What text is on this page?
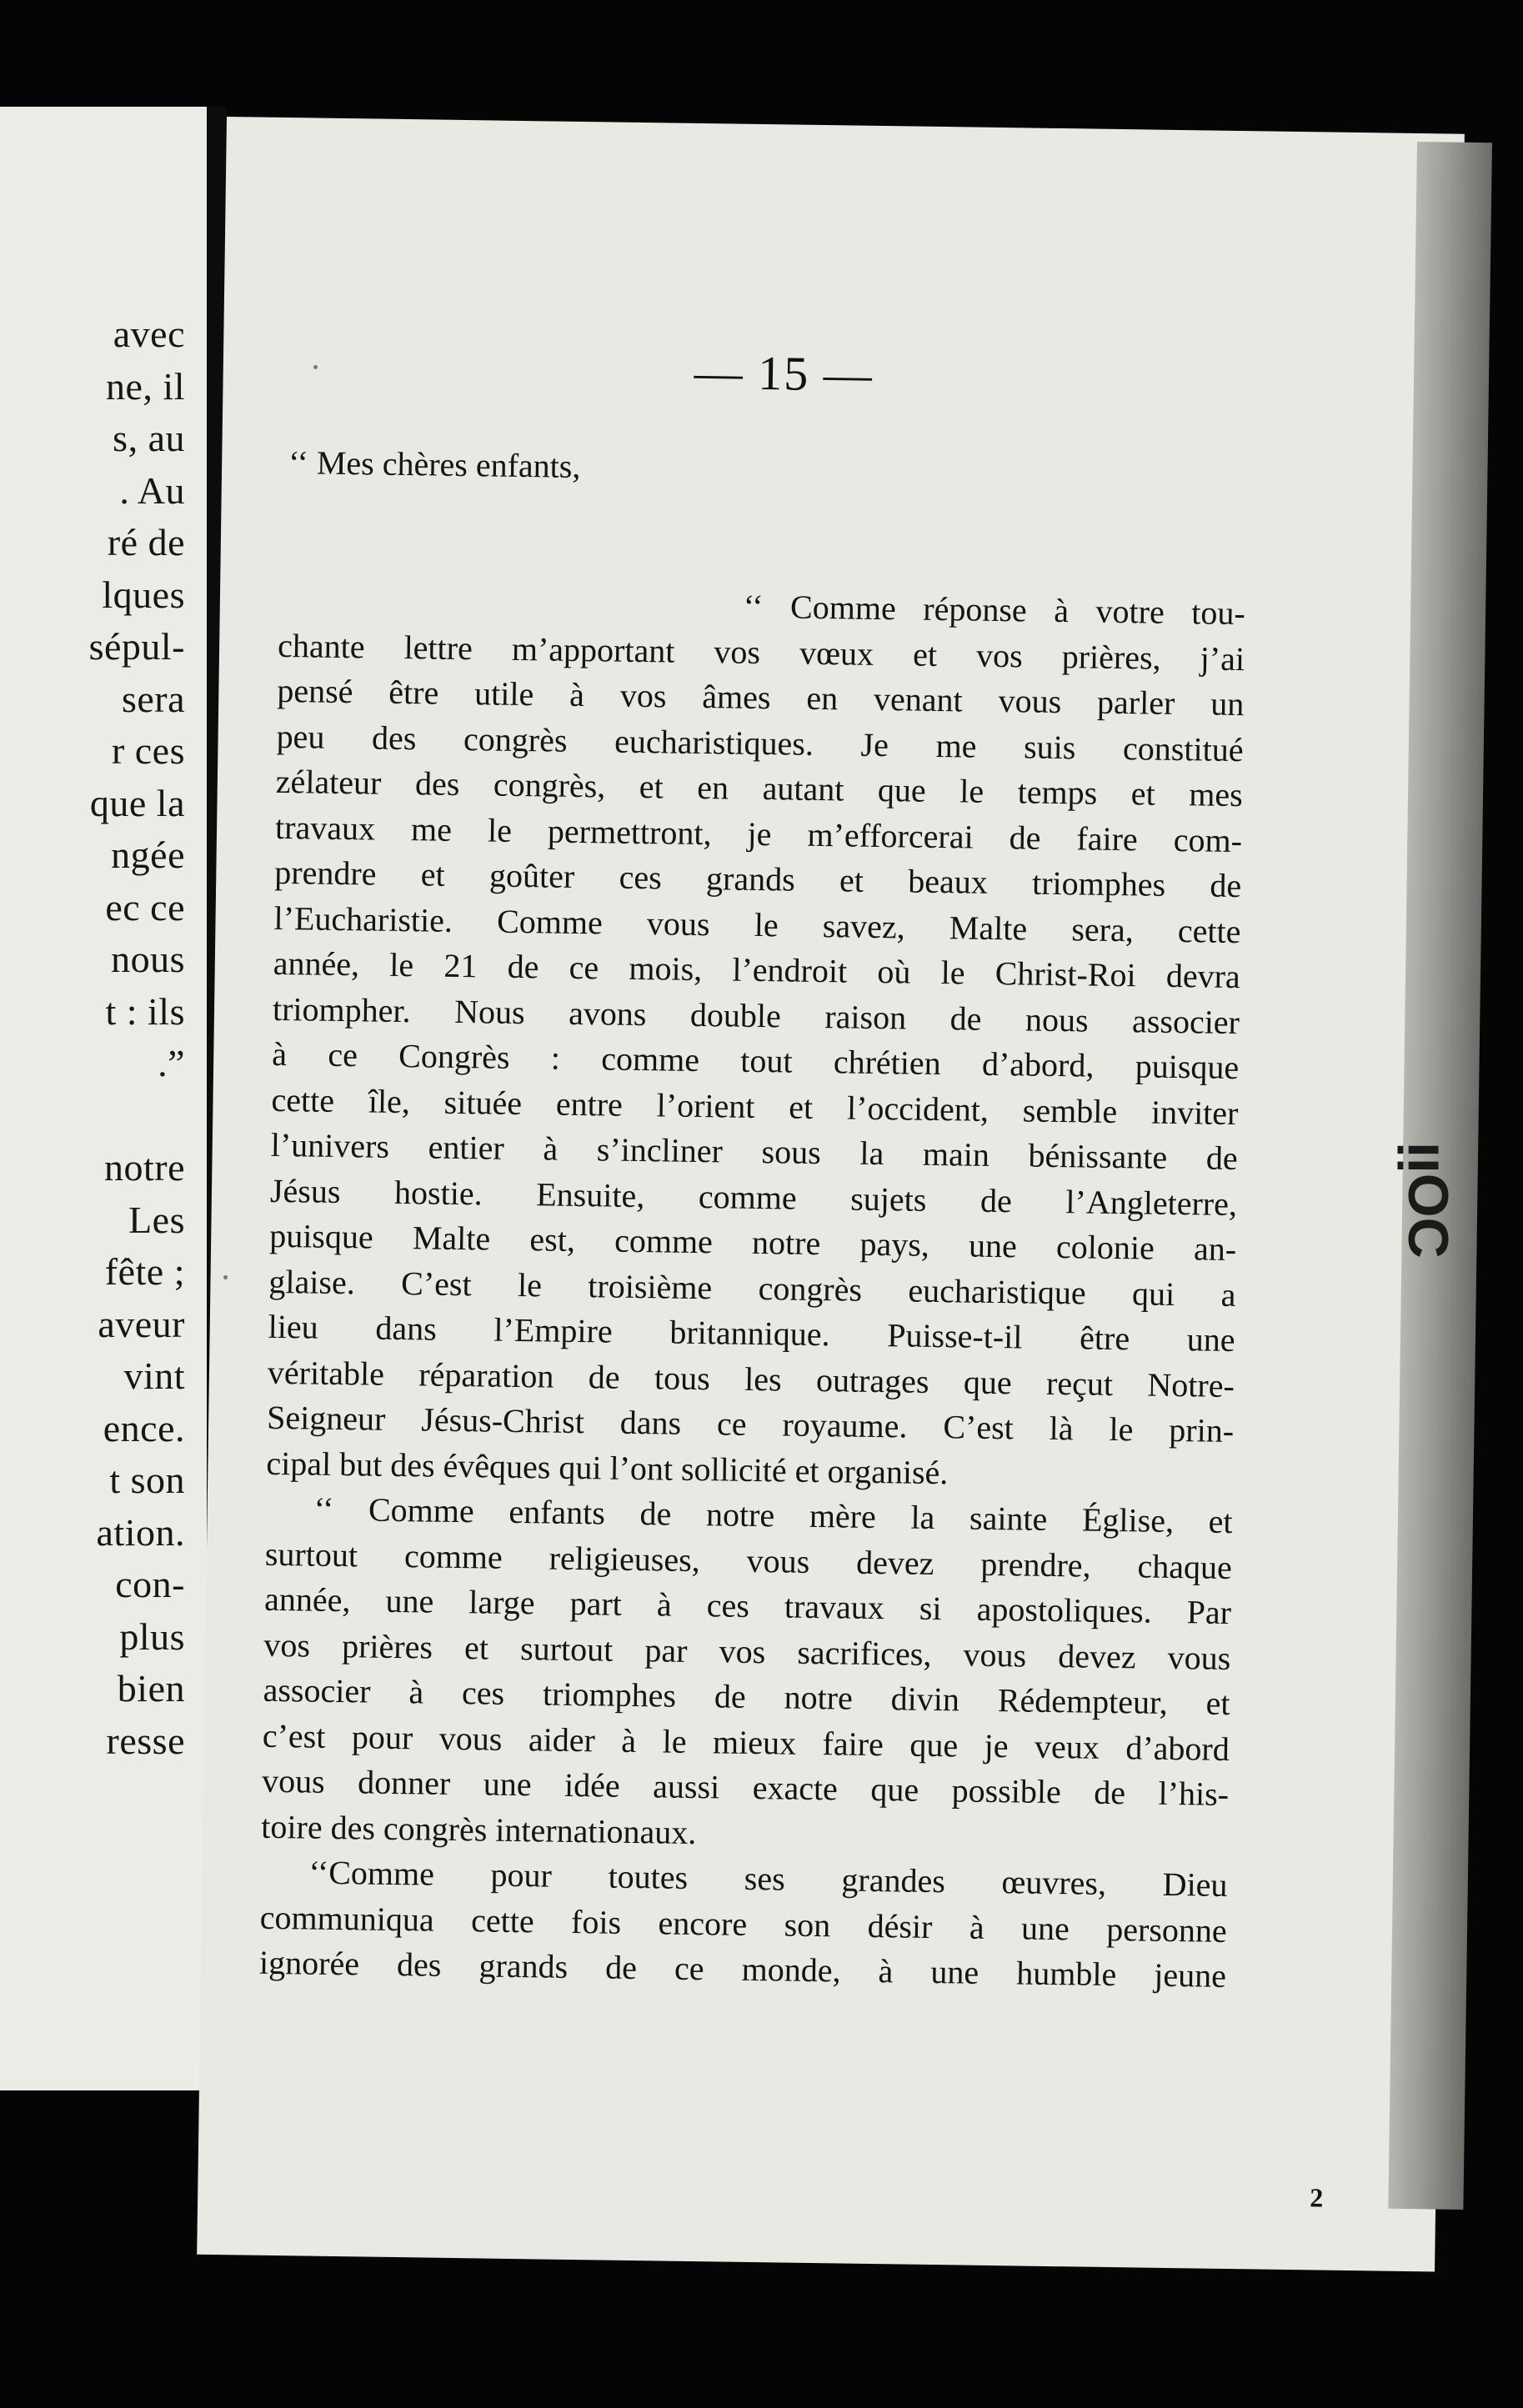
avec
ne, il
s, au
. Au
ré de
lques
sépul-
sera
r ces
que la
ngée
ec ce
nous
t : ils
.”
notre
Les
fête ;
aveur
vint
ence.
t son
ation.
con-
plus
bien
resse
— 15 —
‘‘ Mes chères enfants,
‘‘ Comme réponse à votre tou-
chante lettre m’apportant vos vœux et vos prières, j’ai
pensé être utile à vos âmes en venant vous parler un
peu des congrès eucharistiques. Je me suis constitué
zélateur des congrès, et en autant que le temps et mes
travaux me le permettront, je m’efforcerai de faire com-
prendre et goûter ces grands et beaux triomphes de
l’Eucharistie. Comme vous le savez, Malte sera, cette
année, le 21 de ce mois, l’endroit où le Christ-Roi devra
triompher. Nous avons double raison de nous associer
à ce Congrès : comme tout chrétien d’abord, puisque
cette île, située entre l’orient et l’occident, semble inviter
l’univers entier à s’incliner sous la main bénissante de
Jésus hostie. Ensuite, comme sujets de l’Angleterre,
puisque Malte est, comme notre pays, une colonie an-
glaise. C’est le troisième congrès eucharistique qui a
lieu dans l’Empire britannique. Puisse-t-il être une
véritable réparation de tous les outrages que reçut Notre-
Seigneur Jésus-Christ dans ce royaume. C’est là le prin-
cipal but des évêques qui l’ont sollicité et organisé.
‘‘ Comme enfants de notre mère la sainte Église, et
surtout comme religieuses, vous devez prendre, chaque
année, une large part à ces travaux si apostoliques. Par
vos prières et surtout par vos sacrifices, vous devez vous
associer à ces triomphes de notre divin Rédempteur, et
c’est pour vous aider à le mieux faire que je veux d’abord
vous donner une idée aussi exacte que possible de l’his-
toire des congrès internationaux.
‘‘Comme pour toutes ses grandes œuvres, Dieu
communiqua cette fois encore son désir à une personne
ignorée des grands de ce monde, à une humble jeune
2
ᴉᴉOC
